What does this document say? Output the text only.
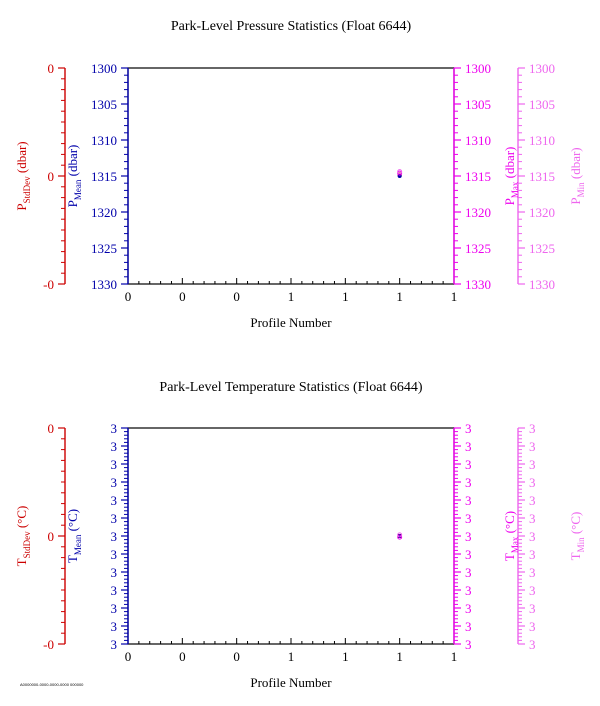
Park-Level Pressure Statistics (Float 6644)
0	0	0	1	1	1	1
Profile Number
0
0
-0
1300
1305
1310
1315
1320
1325
1330
1300
1305
1310
1315
1320
1325
1330
1300
1305
1310
1315
1320
1325
1330
$P_{StdDev}$ (dbar)
$P_{Mean}$ (dbar)
$P_{Max}$ (dbar)
$P_{Min}$ (dbar)
Park-Level Temperature Statistics (Float 6644)
0	0	0	1	1	1	1
Profile Number
0
0
-0
3
3
3
3
3
3
3
3
3
3
3
3
3
3
3
3
3
3
3
3
3
3
3
3
3
3
3
3
3
3
3
3
3
3
3
3
3
3
3
$T_{StdDev}$ (°C)
$T_{Mean}$ (°C)
$T_{Max}$ (°C)
$T_{Min}$ (°C)
A0000000-0000-0000-0000 000000
